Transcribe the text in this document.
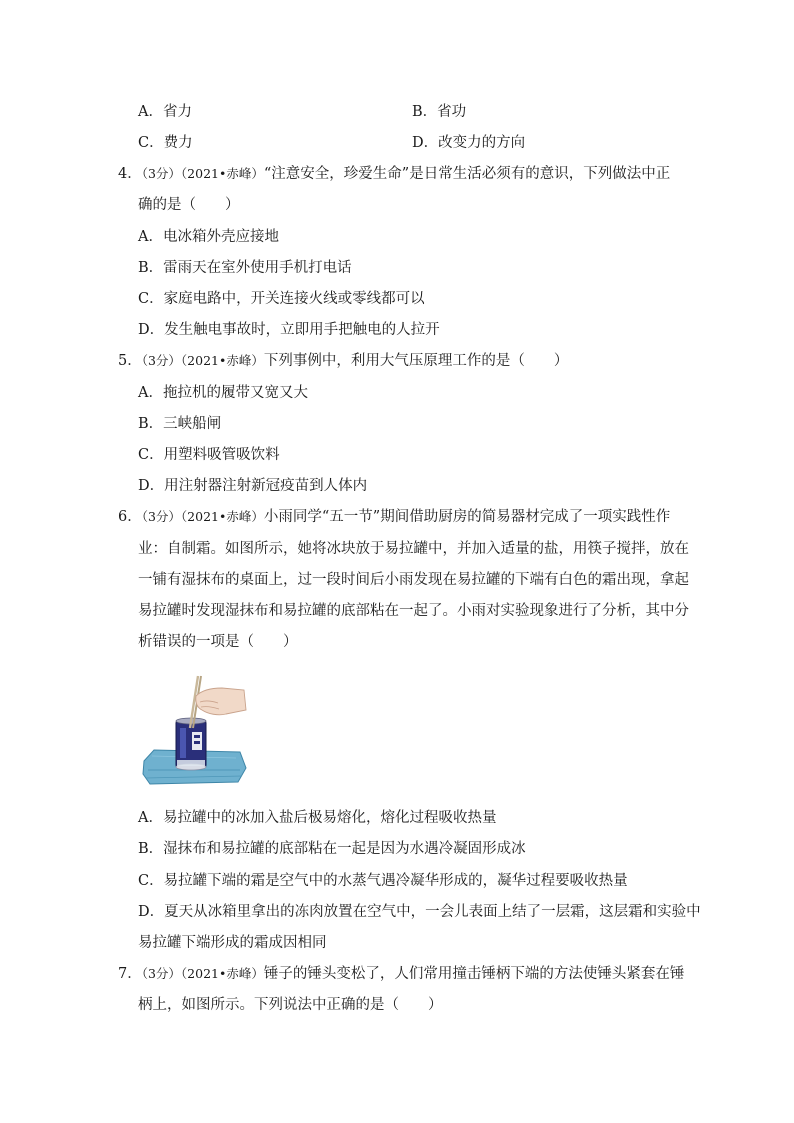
A．省力	B．省功
C．费力	D．改变力的方向
4．（3分）（2021•赤峰）“注意安全，珍爱生命”是日常生活必须有的意识，下列做法中正
确的是（　　）
A．电冰箱外壳应接地
B．雷雨天在室外使用手机打电话
C．家庭电路中，开关连接火线或零线都可以
D．发生触电事故时，立即用手把触电的人拉开
5．（3分）（2021•赤峰）下列事例中，利用大气压原理工作的是（　　）
A．拖拉机的履带又宽又大
B．三峡船闸
C．用塑料吸管吸饮料
D．用注射器注射新冠疫苗到人体内
6．（3分）（2021•赤峰）小雨同学“五一节”期间借助厨房的简易器材完成了一项实践性作
业：自制霜。如图所示，她将冰块放于易拉罐中，并加入适量的盐，用筷子搅拌，放在
一铺有湿抹布的桌面上，过一段时间后小雨发现在易拉罐的下端有白色的霜出现，拿起
易拉罐时发现湿抹布和易拉罐的底部粘在一起了。小雨对实验现象进行了分析，其中分
析错误的一项是（　　）
A．易拉罐中的冰加入盐后极易熔化，熔化过程吸收热量
B．湿抹布和易拉罐的底部粘在一起是因为水遇冷凝固形成冰
C．易拉罐下端的霜是空气中的水蒸气遇冷凝华形成的，凝华过程要吸收热量
D．夏天从冰箱里拿出的冻肉放置在空气中，一会儿表面上结了一层霜，这层霜和实验中
易拉罐下端形成的霜成因相同
7．（3分）（2021•赤峰）锤子的锤头变松了，人们常用撞击锤柄下端的方法使锤头紧套在锤
柄上，如图所示。下列说法中正确的是（　　）
